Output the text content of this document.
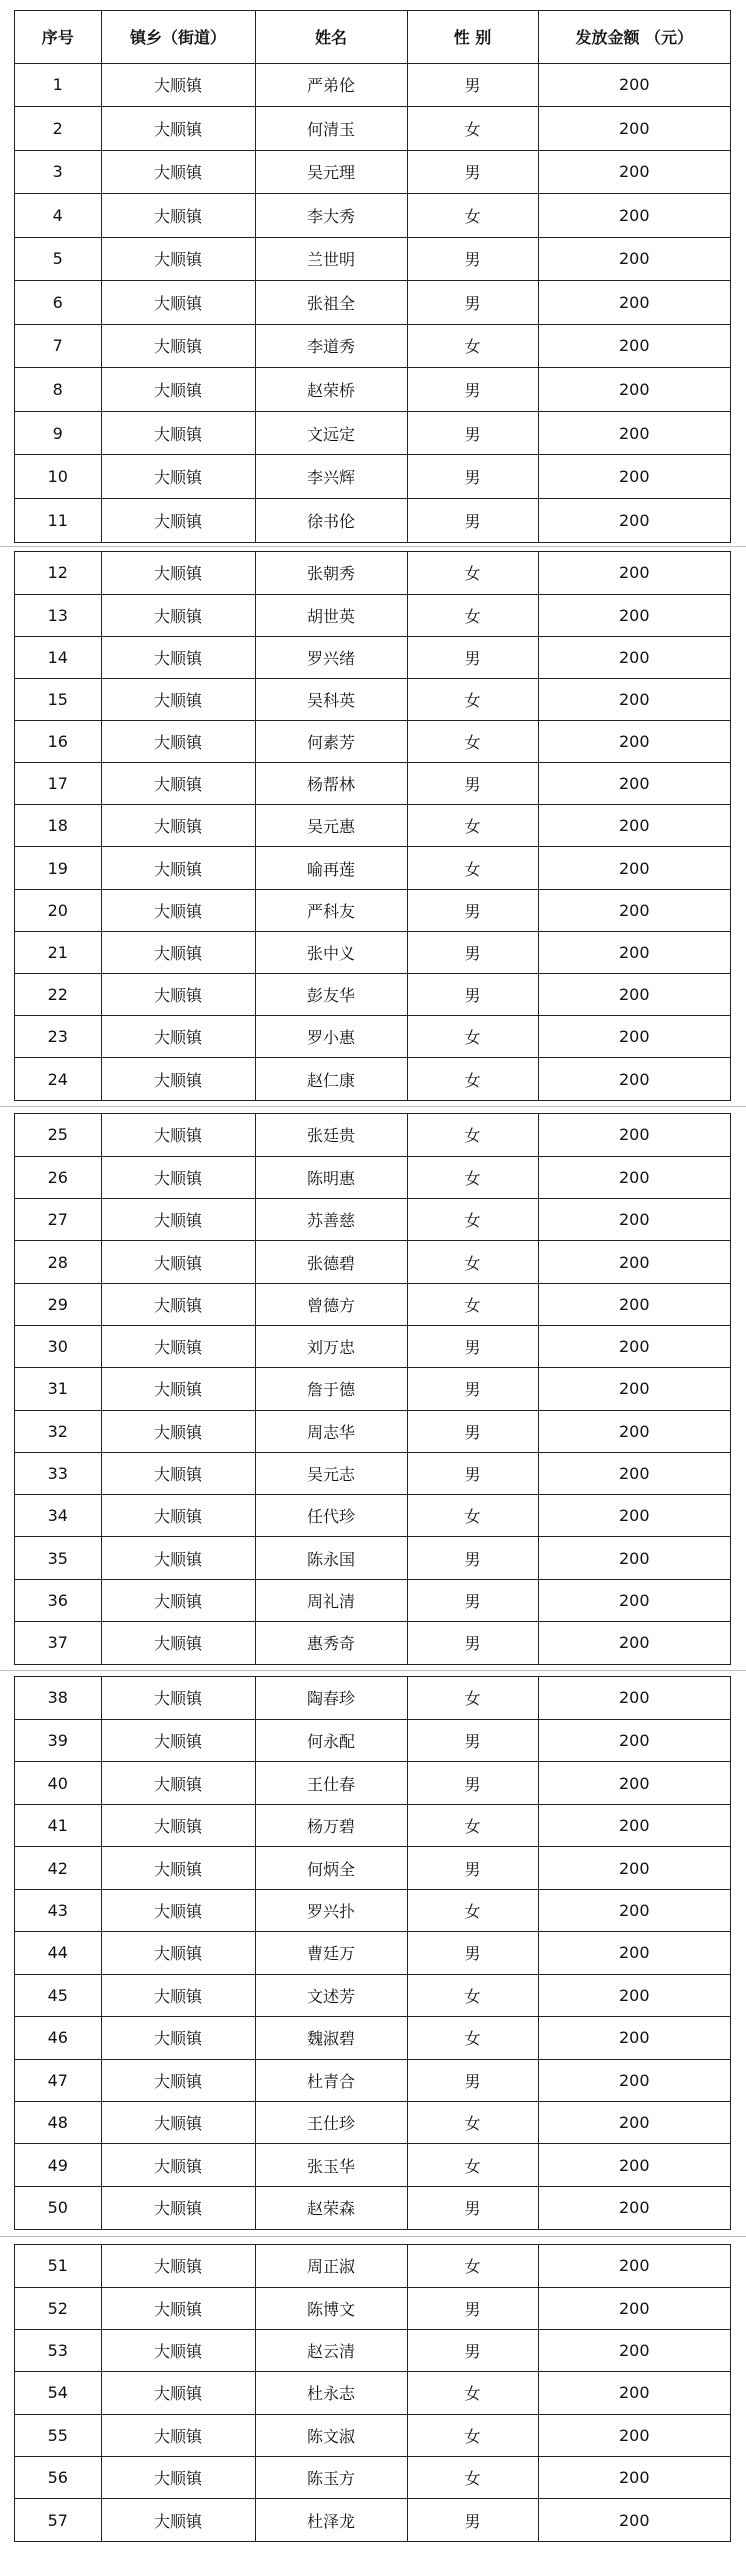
序号	镇乡（街道）	姓名	性 别	发放金额 （元）
1	大顺镇	严弟伦	男	200
2	大顺镇	何清玉	女	200
3	大顺镇	吴元理	男	200
4	大顺镇	李大秀	女	200
5	大顺镇	兰世明	男	200
6	大顺镇	张祖全	男	200
7	大顺镇	李道秀	女	200
8	大顺镇	赵荣桥	男	200
9	大顺镇	文远定	男	200
10	大顺镇	李兴辉	男	200
11	大顺镇	徐书伦	男	200
12	大顺镇	张朝秀	女	200
13	大顺镇	胡世英	女	200
14	大顺镇	罗兴绪	男	200
15	大顺镇	吴科英	女	200
16	大顺镇	何素芳	女	200
17	大顺镇	杨帮林	男	200
18	大顺镇	吴元惠	女	200
19	大顺镇	喻再莲	女	200
20	大顺镇	严科友	男	200
21	大顺镇	张中义	男	200
22	大顺镇	彭友华	男	200
23	大顺镇	罗小惠	女	200
24	大顺镇	赵仁康	女	200
25	大顺镇	张廷贵	女	200
26	大顺镇	陈明惠	女	200
27	大顺镇	苏善慈	女	200
28	大顺镇	张德碧	女	200
29	大顺镇	曾德方	女	200
30	大顺镇	刘万忠	男	200
31	大顺镇	詹于德	男	200
32	大顺镇	周志华	男	200
33	大顺镇	吴元志	男	200
34	大顺镇	任代珍	女	200
35	大顺镇	陈永国	男	200
36	大顺镇	周礼清	男	200
37	大顺镇	惠秀奇	男	200
38	大顺镇	陶春珍	女	200
39	大顺镇	何永配	男	200
40	大顺镇	王仕春	男	200
41	大顺镇	杨万碧	女	200
42	大顺镇	何炳全	男	200
43	大顺镇	罗兴扑	女	200
44	大顺镇	曹廷万	男	200
45	大顺镇	文述芳	女	200
46	大顺镇	魏淑碧	女	200
47	大顺镇	杜青合	男	200
48	大顺镇	王仕珍	女	200
49	大顺镇	张玉华	女	200
50	大顺镇	赵荣森	男	200
51	大顺镇	周正淑	女	200
52	大顺镇	陈博文	男	200
53	大顺镇	赵云清	男	200
54	大顺镇	杜永志	女	200
55	大顺镇	陈文淑	女	200
56	大顺镇	陈玉方	女	200
57	大顺镇	杜泽龙	男	200
